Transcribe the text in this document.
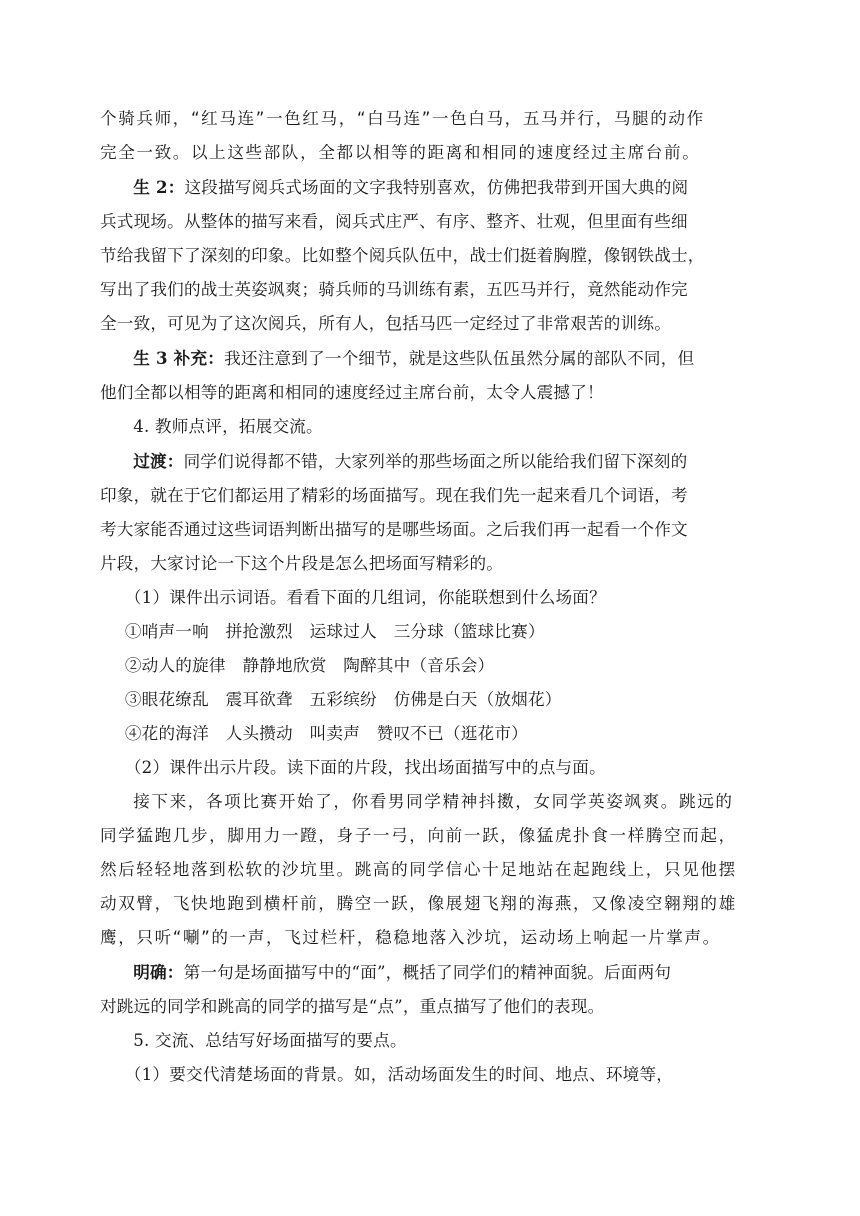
个骑兵师，“红马连”一色红马，“白马连”一色白马，五马并行，马腿的动作

完全一致。以上这些部队，全都以相等的距离和相同的速度经过主席台前。

生 2：这段描写阅兵式场面的文字我特别喜欢，仿佛把我带到开国大典的阅

兵式现场。从整体的描写来看，阅兵式庄严、有序、整齐、壮观，但里面有些细

节给我留下了深刻的印象。比如整个阅兵队伍中，战士们挺着胸膛，像钢铁战士，

写出了我们的战士英姿飒爽；骑兵师的马训练有素，五匹马并行，竟然能动作完

全一致，可见为了这次阅兵，所有人，包括马匹一定经过了非常艰苦的训练。

生 3 补充：我还注意到了一个细节，就是这些队伍虽然分属的部队不同，但

他们全都以相等的距离和相同的速度经过主席台前，太令人震撼了！

4. 教师点评，拓展交流。

过渡：同学们说得都不错，大家列举的那些场面之所以能给我们留下深刻的

印象，就在于它们都运用了精彩的场面描写。现在我们先一起来看几个词语，考

考大家能否通过这些词语判断出描写的是哪些场面。之后我们再一起看一个作文

片段，大家讨论一下这个片段是怎么把场面写精彩的。

（1）课件出示词语。看看下面的几组词，你能联想到什么场面？

①哨声一响　拼抢激烈　运球过人　三分球（篮球比赛）

②动人的旋律　静静地欣赏　陶醉其中（音乐会）

③眼花缭乱　震耳欲聋　五彩缤纷　仿佛是白天（放烟花）

④花的海洋　人头攒动　叫卖声　赞叹不已（逛花市）

（2）课件出示片段。读下面的片段，找出场面描写中的点与面。

接下来，各项比赛开始了，你看男同学精神抖擞，女同学英姿飒爽。跳远的

同学猛跑几步，脚用力一蹬，身子一弓，向前一跃，像猛虎扑食一样腾空而起，

然后轻轻地落到松软的沙坑里。跳高的同学信心十足地站在起跑线上，只见他摆

动双臂，飞快地跑到横杆前，腾空一跃，像展翅飞翔的海燕，又像凌空翱翔的雄

鹰，只听“唰”的一声，飞过栏杆，稳稳地落入沙坑，运动场上响起一片掌声。

明确：第一句是场面描写中的“面”，概括了同学们的精神面貌。后面两句

对跳远的同学和跳高的同学的描写是“点”，重点描写了他们的表现。

5. 交流、总结写好场面描写的要点。

（1）要交代清楚场面的背景。如，活动场面发生的时间、地点、环境等，
